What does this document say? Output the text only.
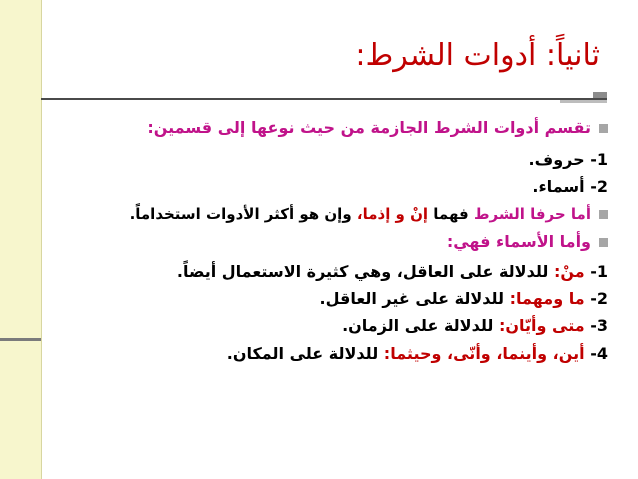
ثانياً: أدوات الشرط:
تقسم أدوات الشرط الجازمة من حيث نوعها إلى قسمين:
1- حروف.
2- أسماء.
أما حرفا الشرط فهما إنْ و إذما، وإن هو أكثر الأدوات استخداماً.
وأما الأسماء فهي:
1- منْ: للدلالة على العاقل، وهي كثيرة الاستعمال أيضاً.
2- ما ومهما: للدلالة على غير العاقل.
3- متى وأيّان: للدلالة على الزمان.
4- أين، وأينما، وأنّى، وحيثما: للدلالة على المكان.
